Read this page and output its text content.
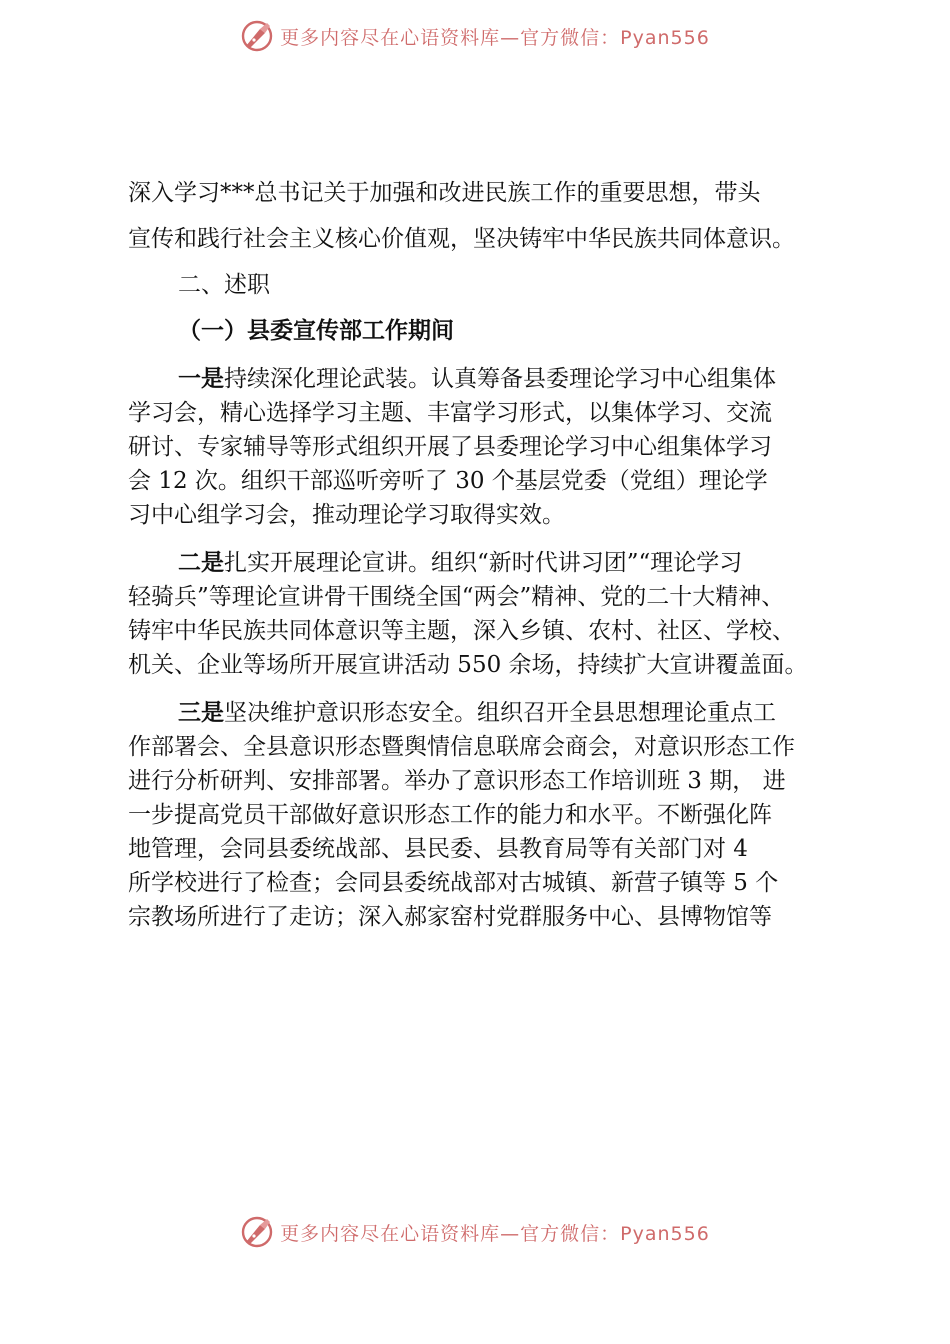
更多内容尽在心语资料库—官方微信：Pyan556

深入学习***总书记关于加强和改进民族工作的重要思想，带头

宣传和践行社会主义核心价值观，坚决铸牢中华民族共同体意识。

二、述职

（一）县委宣传部工作期间

一是持续深化理论武装。认真筹备县委理论学习中心组集体

学习会，精心选择学习主题、丰富学习形式，以集体学习、交流

研讨、专家辅导等形式组织开展了县委理论学习中心组集体学习

会 12 次。组织干部巡听旁听了 30 个基层党委（党组）理论学

习中心组学习会，推动理论学习取得实效。

二是扎实开展理论宣讲。组织“新时代讲习团”“理论学习

轻骑兵”等理论宣讲骨干围绕全国“两会”精神、党的二十大精神、

铸牢中华民族共同体意识等主题，深入乡镇、农村、社区、学校、

机关、企业等场所开展宣讲活动 550 余场，持续扩大宣讲覆盖面。

三是坚决维护意识形态安全。组织召开全县思想理论重点工

作部署会、全县意识形态暨舆情信息联席会商会，对意识形态工作

进行分析研判、安排部署。举办了意识形态工作培训班 3 期， 进

一步提高党员干部做好意识形态工作的能力和水平。不断强化阵

地管理，会同县委统战部、县民委、县教育局等有关部门对 4

所学校进行了检查；会同县委统战部对古城镇、新营子镇等 5 个

宗教场所进行了走访；深入郝家窑村党群服务中心、县博物馆等

更多内容尽在心语资料库—官方微信：Pyan556
